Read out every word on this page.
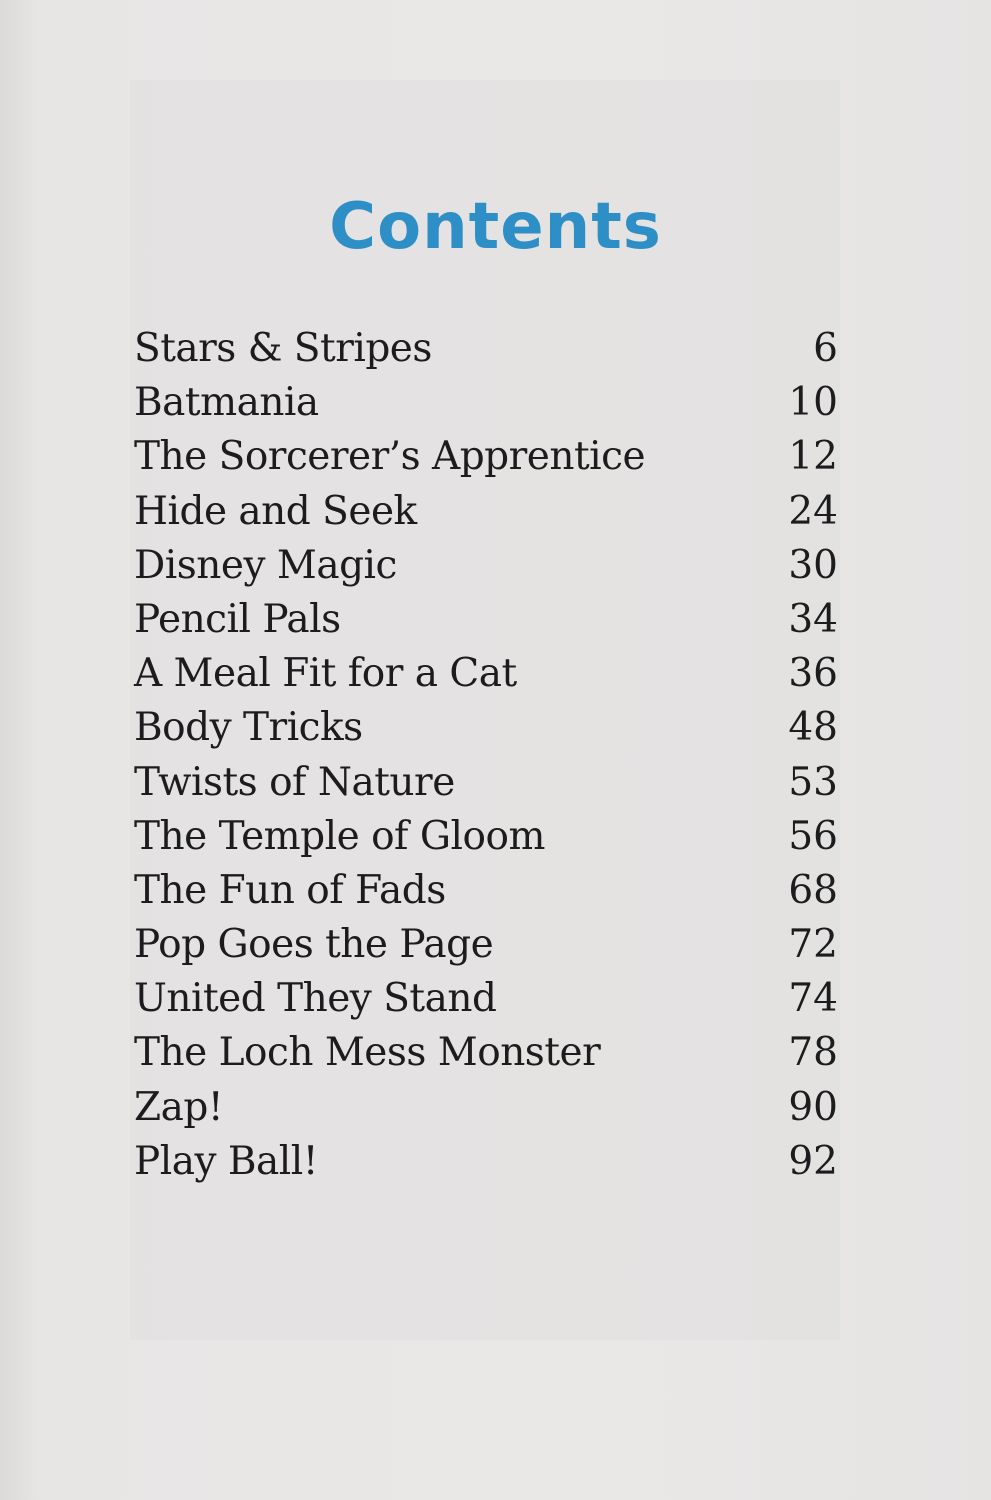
Contents
Stars & Stripes	6
Batmania	10
The Sorcerer’s Apprentice	12
Hide and Seek	24
Disney Magic	30
Pencil Pals	34
A Meal Fit for a Cat	36
Body Tricks	48
Twists of Nature	53
The Temple of Gloom	56
The Fun of Fads	68
Pop Goes the Page	72
United They Stand	74
The Loch Mess Monster	78
Zap!	90
Play Ball!	92
